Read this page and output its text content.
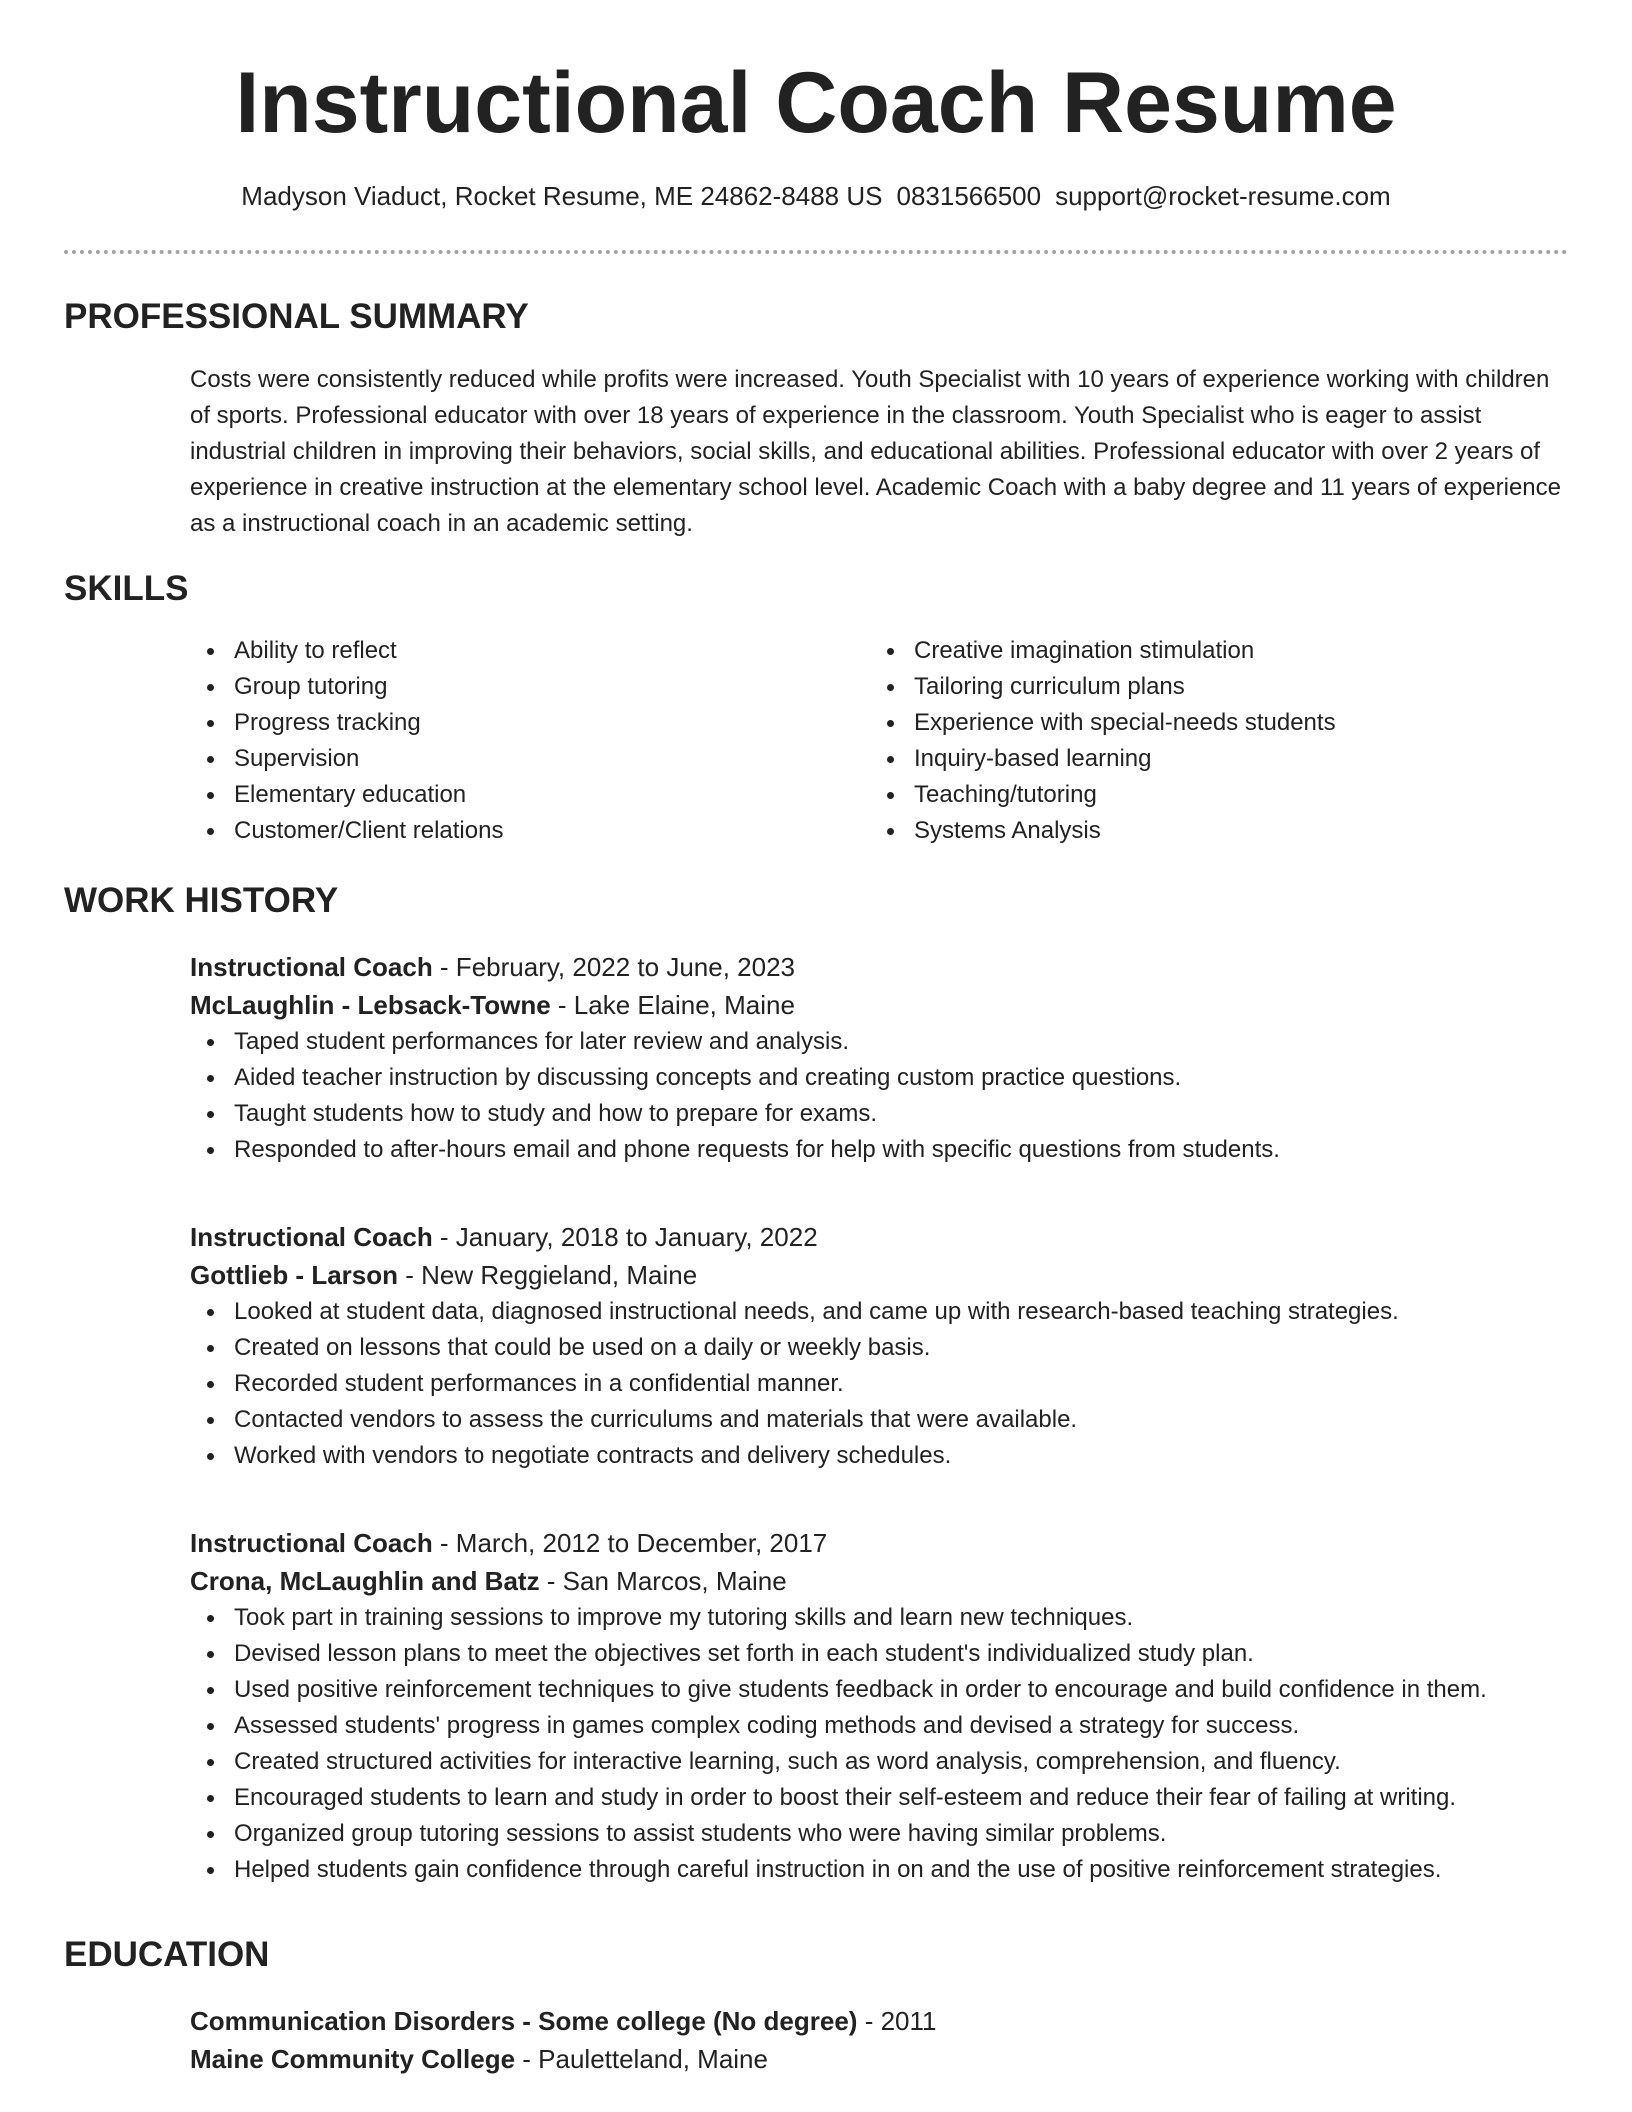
Instructional Coach Resume

Madyson Viaduct, Rocket Resume, ME 24862-8488 US 0831566500 support@rocket-resume.com

PROFESSIONAL SUMMARY

Costs were consistently reduced while profits were increased. Youth Specialist with 10 years of experience working with children of sports. Professional educator with over 18 years of experience in the classroom. Youth Specialist who is eager to assist industrial children in improving their behaviors, social skills, and educational abilities. Professional educator with over 2 years of experience in creative instruction at the elementary school level. Academic Coach with a baby degree and 11 years of experience as a instructional coach in an academic setting.

SKILLS
Ability to reflect
Group tutoring
Progress tracking
Supervision
Elementary education
Customer/Client relations
Creative imagination stimulation
Tailoring curriculum plans
Experience with special-needs students
Inquiry-based learning
Teaching/tutoring
Systems Analysis
WORK HISTORY

Instructional Coach - February, 2022 to June, 2023

McLaughlin - Lebsack-Towne - Lake Elaine, Maine

Taped student performances for later review and analysis.
Aided teacher instruction by discussing concepts and creating custom practice questions.
Taught students how to study and how to prepare for exams.
Responded to after-hours email and phone requests for help with specific questions from students.

Instructional Coach - January, 2018 to January, 2022

Gottlieb - Larson - New Reggieland, Maine

Looked at student data, diagnosed instructional needs, and came up with research-based teaching strategies.
Created on lessons that could be used on a daily or weekly basis.
Recorded student performances in a confidential manner.
Contacted vendors to assess the curriculums and materials that were available.
Worked with vendors to negotiate contracts and delivery schedules.

Instructional Coach - March, 2012 to December, 2017

Crona, McLaughlin and Batz - San Marcos, Maine

Took part in training sessions to improve my tutoring skills and learn new techniques.
Devised lesson plans to meet the objectives set forth in each student's individualized study plan.
Used positive reinforcement techniques to give students feedback in order to encourage and build confidence in them.
Assessed students' progress in games complex coding methods and devised a strategy for success.
Created structured activities for interactive learning, such as word analysis, comprehension, and fluency.
Encouraged students to learn and study in order to boost their self-esteem and reduce their fear of failing at writing.
Organized group tutoring sessions to assist students who were having similar problems.
Helped students gain confidence through careful instruction in on and the use of positive reinforcement strategies.
EDUCATION

Communication Disorders - Some college (No degree) - 2011

Maine Community College - Pauletteland, Maine
